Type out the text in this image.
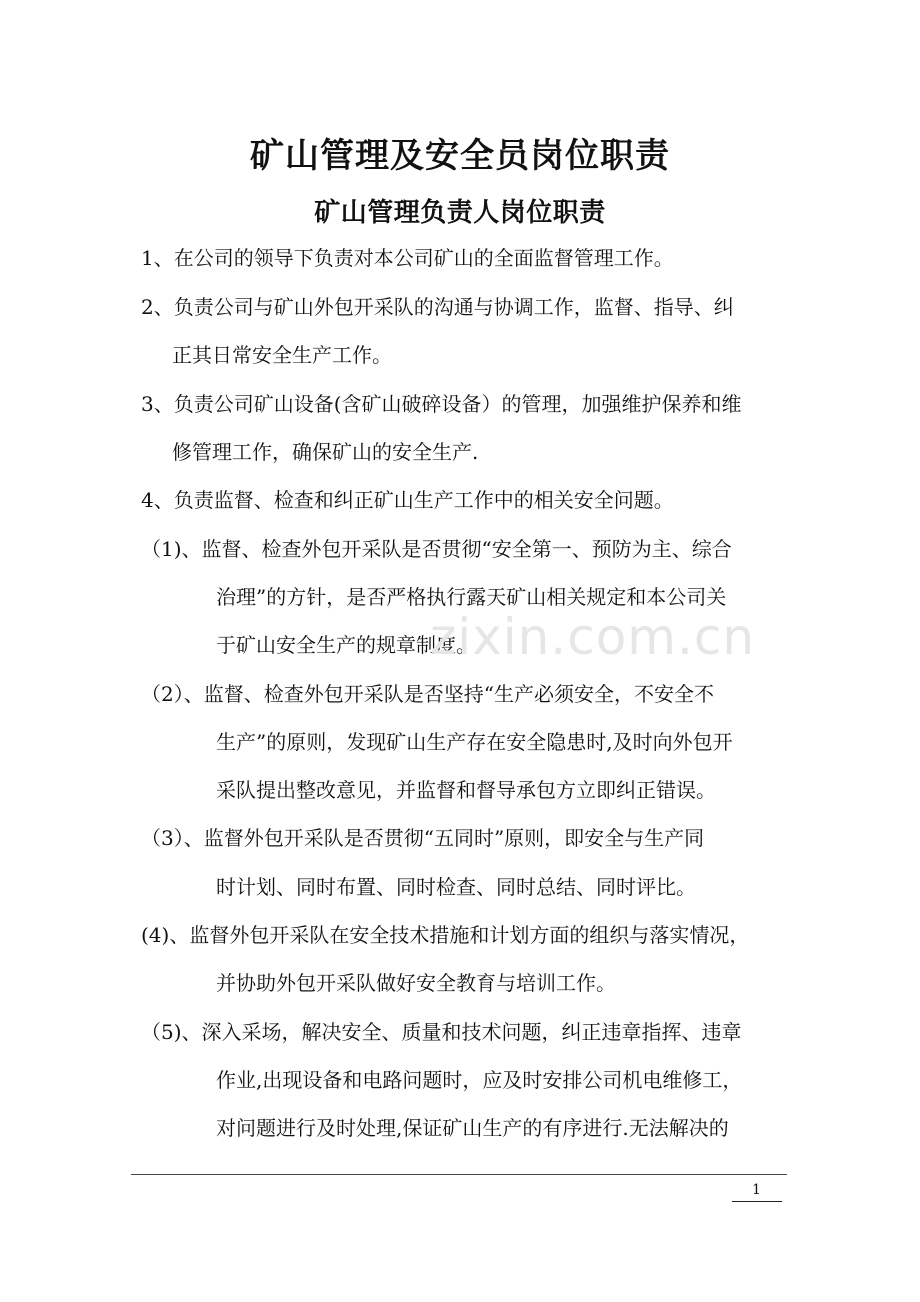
矿山管理及安全员岗位职责
矿山管理负责人岗位职责
1、在公司的领导下负责对本公司矿山的全面监督管理工作。
2、负责公司与矿山外包开采队的沟通与协调工作，监督、指导、纠
正其日常安全生产工作。
3、负责公司矿山设备(含矿山破碎设备）的管理，加强维护保养和维
修管理工作，确保矿山的安全生产.
4、负责监督、检查和纠正矿山生产工作中的相关安全问题。
（1)、监督、检查外包开采队是否贯彻“安全第一、预防为主、综合
治理”的方针，是否严格执行露天矿山相关规定和本公司关
于矿山安全生产的规章制度。
（2）、监督、检查外包开采队是否坚持“生产必须安全，不安全不
生产”的原则，发现矿山生产存在安全隐患时,及时向外包开
采队提出整改意见，并监督和督导承包方立即纠正错误。
（3）、监督外包开采队是否贯彻“五同时”原则，即安全与生产同
时计划、同时布置、同时检查、同时总结、同时评比。
(4)、监督外包开采队在安全技术措施和计划方面的组织与落实情况，
并协助外包开采队做好安全教育与培训工作。
（5)、深入采场，解决安全、质量和技术问题，纠正违章指挥、违章
作业,出现设备和电路问题时，应及时安排公司机电维修工，
对问题进行及时处理,保证矿山生产的有序进行.无法解决的
zixin.com.cn
1
